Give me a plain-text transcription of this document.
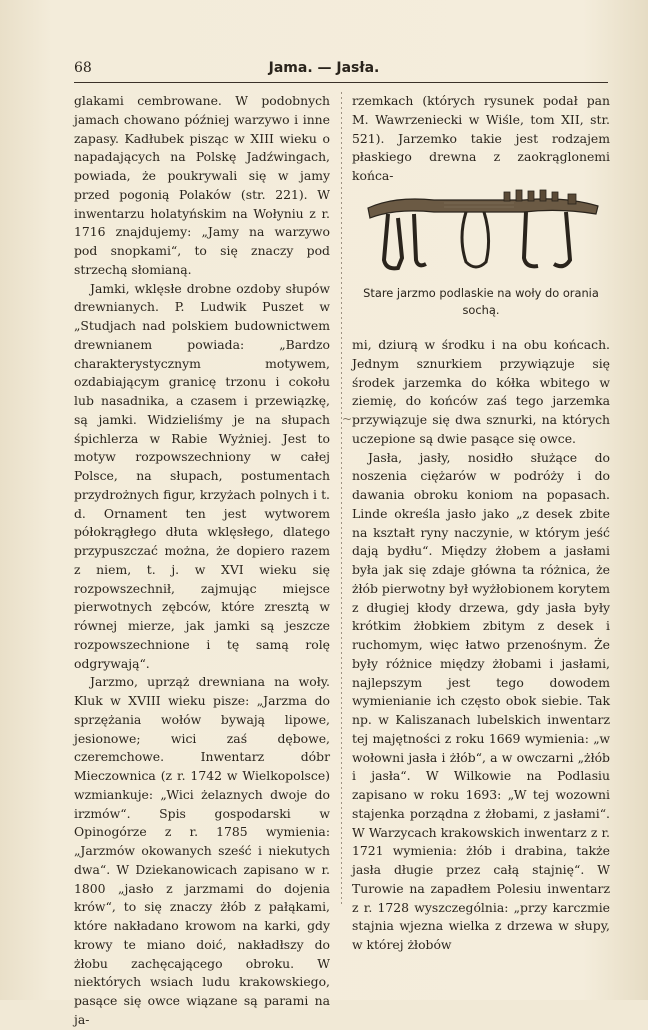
68	Jama. — Jasła.
~

glakami cembrowane. W podobnych jamach chowano później warzywo i inne zapasy. Kadłubek pisząc w XIII wieku o napadających na Polskę Jadźwingach, powiada, że poukrywali się w jamy przed pogonią Polaków (str. 221). W inwentarzu holatyńskim na Wołyniu z r. 1716 znajdujemy: „Jamy na warzywo pod snopkami“, to się znaczy pod strzechą słomianą.

Jamki, wklęsłe drobne ozdoby słupów drewnianych. P. Ludwik Puszet w „Studjach nad polskiem budownictwem drewnianem powiada: „Bardzo charakterystycznym motywem, ozdabiającym granicę trzonu i cokołu lub nasadnika, a czasem i przewiązkę, są jamki. Widzieliśmy je na słupach śpichlerza w Rabie Wyżniej. Jest to motyw rozpowszechniony w całej Polsce, na słupach, postumentach przydrożnych figur, krzyżach polnych i t. d. Ornament ten jest wytworem półokrągłego dłuta wklęsłego, dlatego przypuszczać można, że dopiero razem z niem, t. j. w XVI wieku się rozpowszechnił, zajmując miejsce pierwotnych zębców, które zresztą w równej mierze, jak jamki są jeszcze rozpowszechnione i tę samą rolę odgrywają“.

Jarzmo, uprząż drewniana na woły. Kluk w XVIII wieku pisze: „Jarzma do sprzężania wołów bywają lipowe, jesionowe; wici zaś dębowe, czeremchowe. Inwentarz dóbr Mieczownica (z r. 1742 w Wielkopolsce) wzmiankuje: „Wici żelaznych dwoje do irzmów“. Spis gospodarski w Opinogórze z r. 1785 wymienia: „Jarzmów okowanych sześć i niekutych dwa“. W Dziekanowicach zapisano w r. 1800 „jasło z jarzmami do dojenia krów“, to się znaczy żłób z pałąkami, które nakładano krowom na karki, gdy krowy te miano doić, nakładłszy do żłobu zachęcającego obroku. W niektórych wsiach ludu krakowskiego, pasące się owce wiązane są parami na ja-

rzemkach (których rysunek podał pan M. Wawrzeniecki w Wiśle, tom XII, str. 521). Jarzemko takie jest rodzajem płaskiego drewna z zaokrąglonemi końca-

Stare jarzmo podlaskie na woły do orania sochą.

mi, dziurą w środku i na obu końcach. Jednym sznurkiem przywiązuje się środek jarzemka do kółka wbitego w ziemię, do końców zaś tego jarzemka przywiązuje się dwa sznurki, na których uczepione są dwie pasące się owce.

Jasła, jasły, nosidło służące do noszenia ciężarów w podróży i do dawania obroku koniom na popasach. Linde określa jasło jako „z desek zbite na kształt ryny naczynie, w którym jeść dają bydłu“. Między żłobem a jasłami była jak się zdaje główna ta różnica, że żłób pierwotny był wyżłobionem korytem z długiej kłody drzewa, gdy jasła były krótkim żłobkiem zbitym z desek i ruchomym, więc łatwo przenośnym. Że były różnice między żłobami i jasłami, najlepszym jest tego dowodem wymienianie ich często obok siebie. Tak np. w Kaliszanach lubelskich inwentarz tej majętności z roku 1669 wymienia: „w wołowni jasła i żłób“, a w owczarni „żłób i jasła“. W Wilkowie na Podlasiu zapisano w roku 1693: „W tej wozowni stajenka porządna z żłobami, z jasłami“. W Warzycach krakowskich inwentarz z r. 1721 wymienia: żłób i drabina, także jasła długie przez całą stajnię“. W Turowie na zapadłem Polesiu inwentarz z r. 1728 wyszczególnia: „przy karczmie stajnia wjezna wielka z drzewa w słupy, w której żłobów
